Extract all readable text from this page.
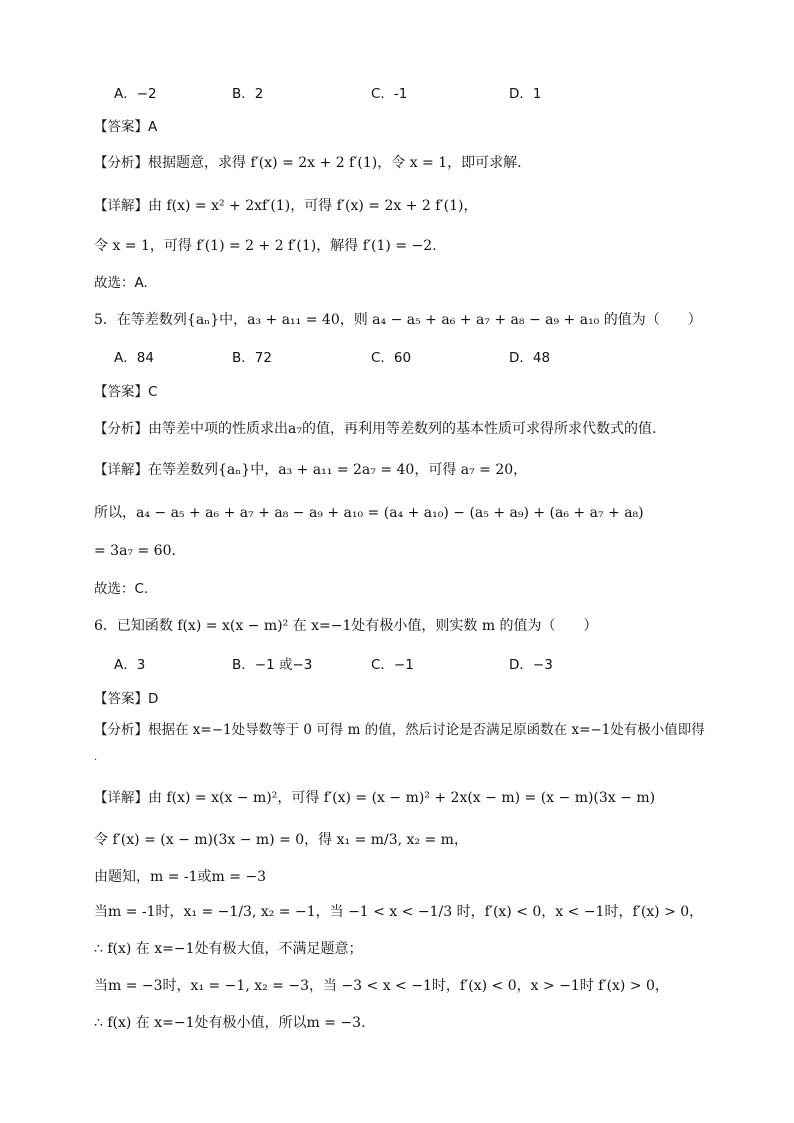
A．−2	B．2	C．-1	D．1
【答案】A
【分析】根据题意，求得 f′(x) = 2x + 2 f′(1)，令 x = 1，即可求解.
【详解】由 f(x) = x² + 2xf′(1)，可得 f′(x) = 2x + 2 f′(1)，
令 x = 1，可得 f′(1) = 2 + 2 f′(1)，解得 f′(1) = −2.
故选：A.
5．在等差数列{aₙ}中，a₃ + a₁₁ = 40，则 a₄ − a₅ + a₆ + a₇ + a₈ − a₉ + a₁₀ 的值为（　　）
A．84	B．72	C．60	D．48
【答案】C
【分析】由等差中项的性质求出a₇的值，再利用等差数列的基本性质可求得所求代数式的值.
【详解】在等差数列{aₙ}中，a₃ + a₁₁ = 2a₇ = 40，可得 a₇ = 20，
所以，a₄ − a₅ + a₆ + a₇ + a₈ − a₉ + a₁₀ = (a₄ + a₁₀) − (a₅ + a₉) + (a₆ + a₇ + a₈)
= 3a₇ = 60.
故选：C.
6．已知函数 f(x) = x(x − m)² 在 x=−1处有极小值，则实数 m 的值为（　　）
A．3	B．−1 或−3	C．−1	D．−3
【答案】D
【分析】根据在 x=−1处导数等于 0 可得 m 的值，然后讨论是否满足原函数在 x=−1处有极小值即得
.
【详解】由 f(x) = x(x − m)²，可得 f′(x) = (x − m)² + 2x(x − m) = (x − m)(3x − m)
令 f′(x) = (x − m)(3x − m) = 0，得 x₁ = m/3, x₂ = m，
由题知，m = -1或m = −3
当m = -1时，x₁ = −1/3, x₂ = −1，当 −1 < x < −1/3 时，f′(x) < 0，x < −1时，f′(x) > 0，
∴ f(x) 在 x=−1处有极大值，不满足题意；
当m = −3时，x₁ = −1, x₂ = −3，当 −3 < x < −1时，f′(x) < 0，x > −1时 f′(x) > 0，
∴ f(x) 在 x=−1处有极小值，所以m = −3.
